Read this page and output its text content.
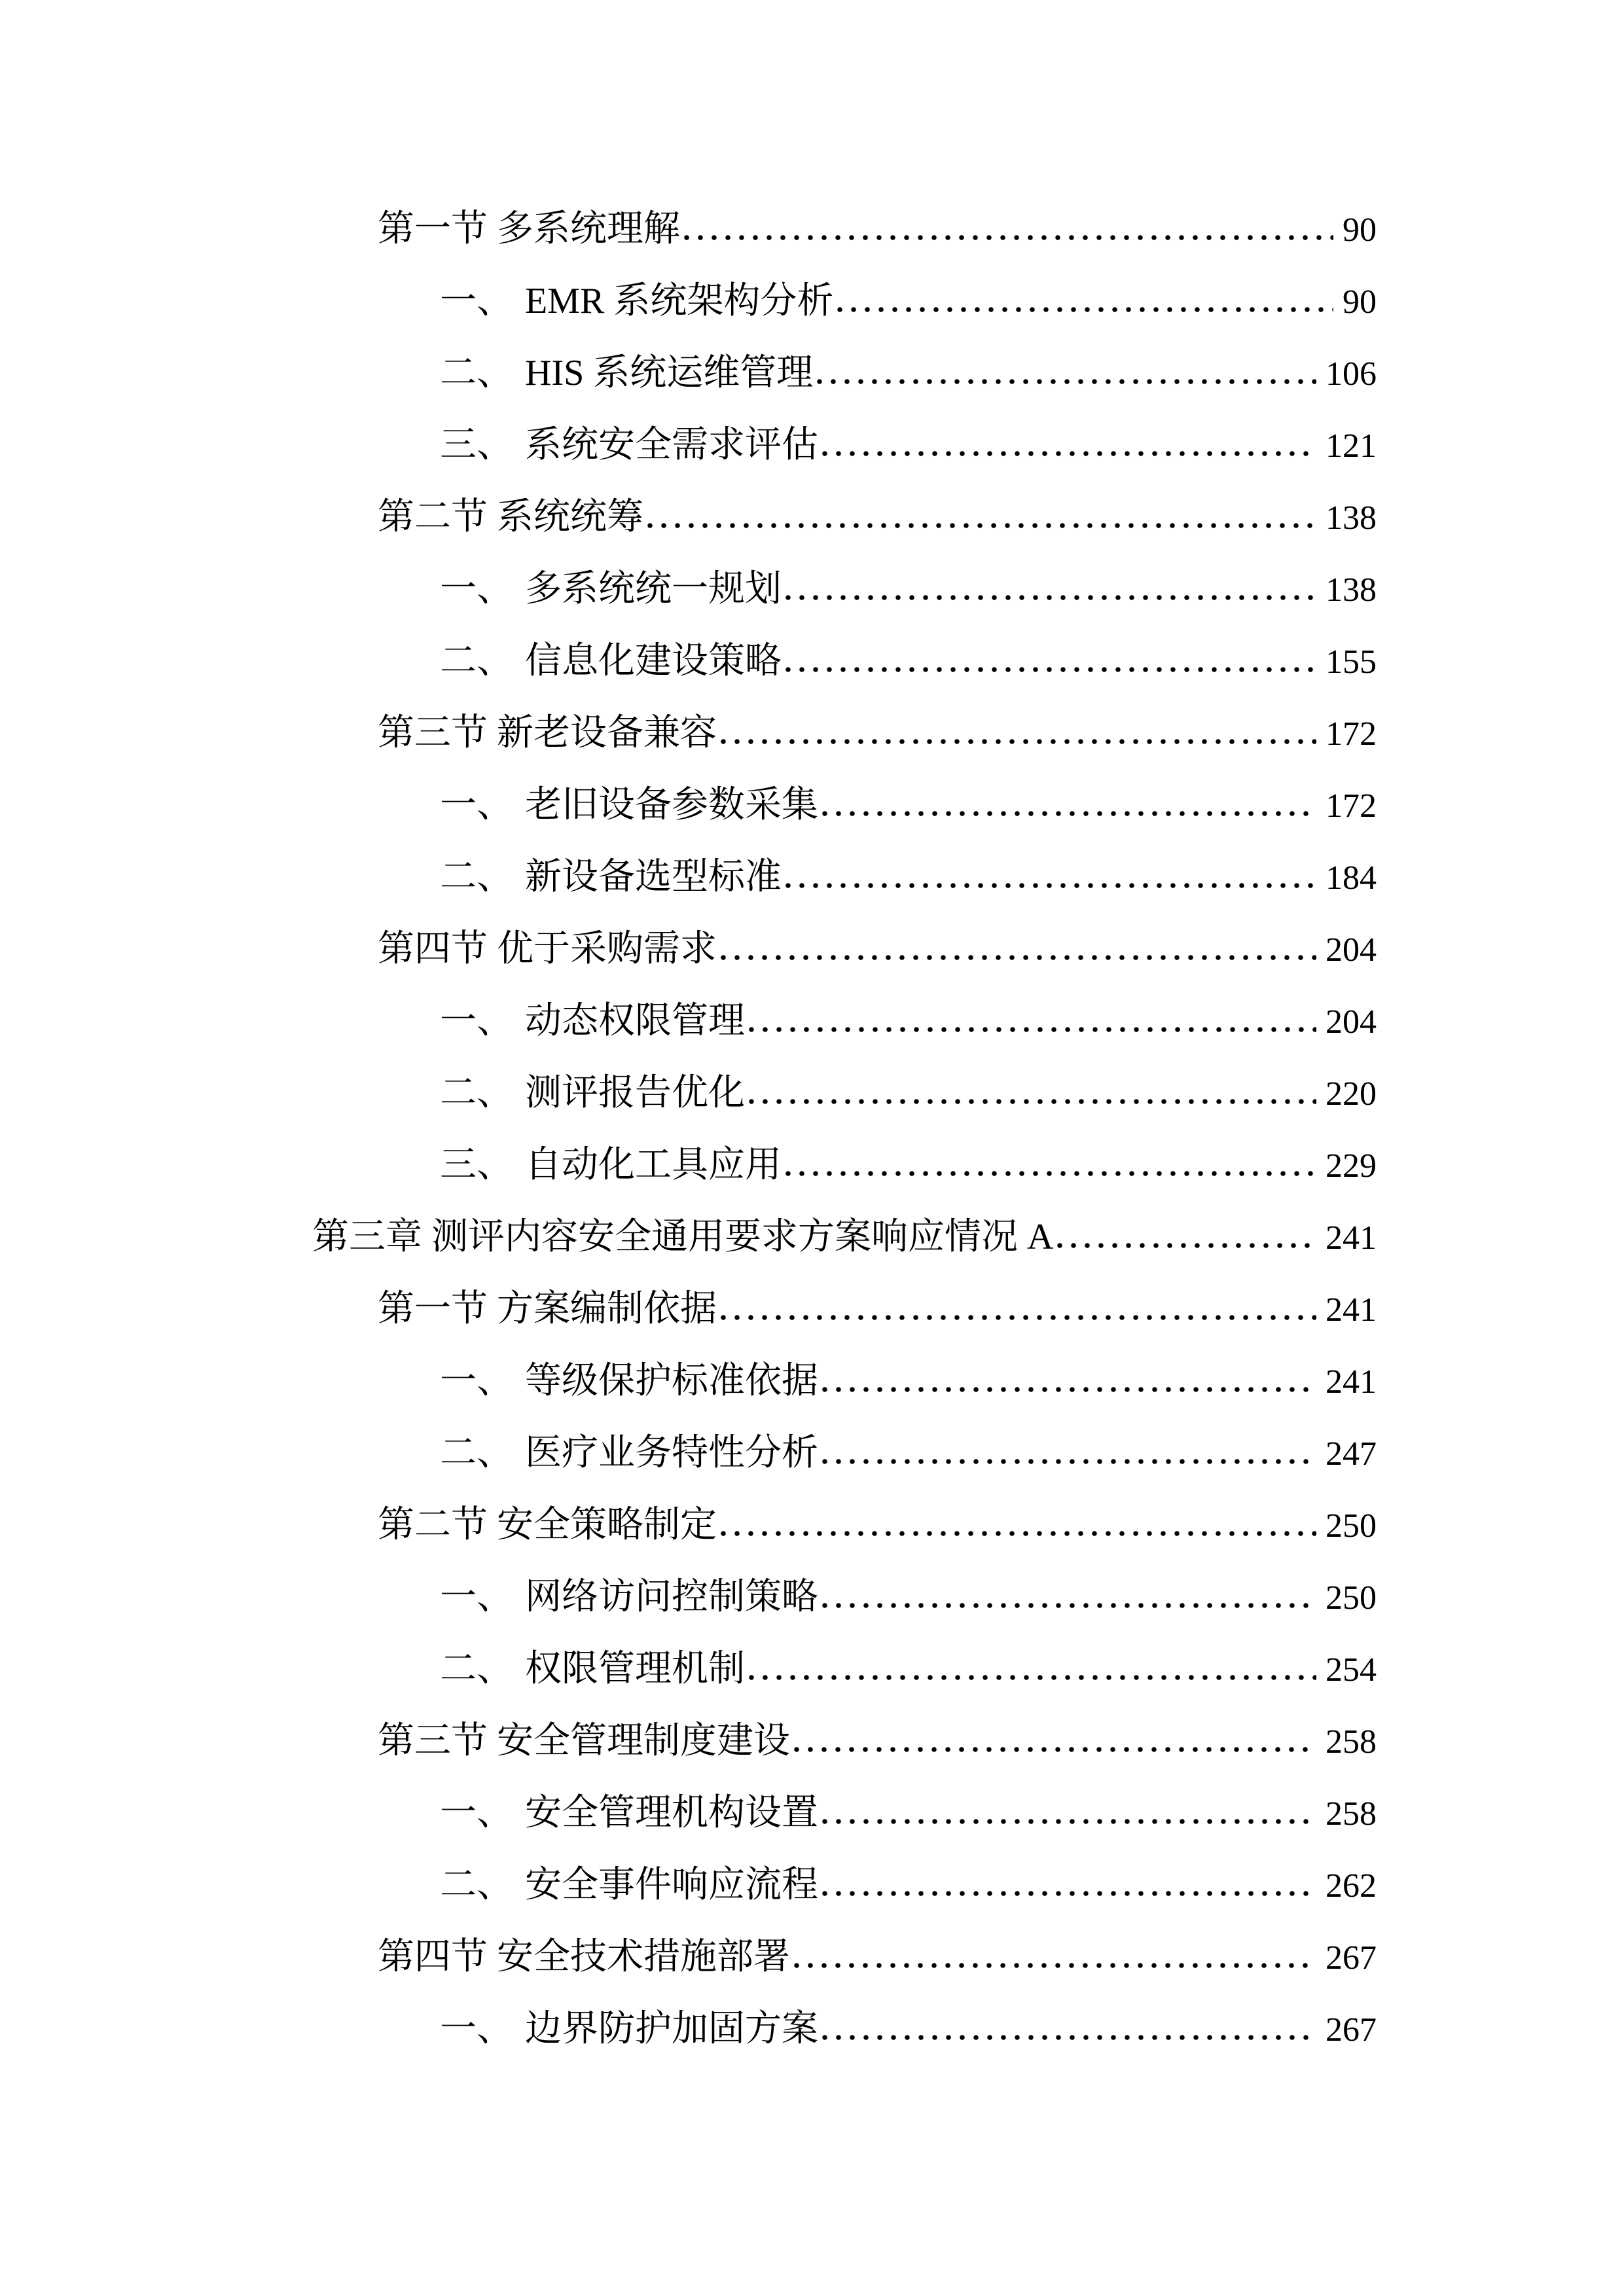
第一节 多系统理解	90
一、 EMR 系统架构分析	90
二、 HIS 系统运维管理	106
三、 系统安全需求评估	121
第二节 系统统筹	138
一、 多系统统一规划	138
二、 信息化建设策略	155
第三节 新老设备兼容	172
一、 老旧设备参数采集	172
二、 新设备选型标准	184
第四节 优于采购需求	204
一、 动态权限管理	204
二、 测评报告优化	220
三、 自动化工具应用	229
第三章 测评内容安全通用要求方案响应情况 A	241
第一节 方案编制依据	241
一、 等级保护标准依据	241
二、 医疗业务特性分析	247
第二节 安全策略制定	250
一、 网络访问控制策略	250
二、 权限管理机制	254
第三节 安全管理制度建设	258
一、 安全管理机构设置	258
二、 安全事件响应流程	262
第四节 安全技术措施部署	267
一、 边界防护加固方案	267
